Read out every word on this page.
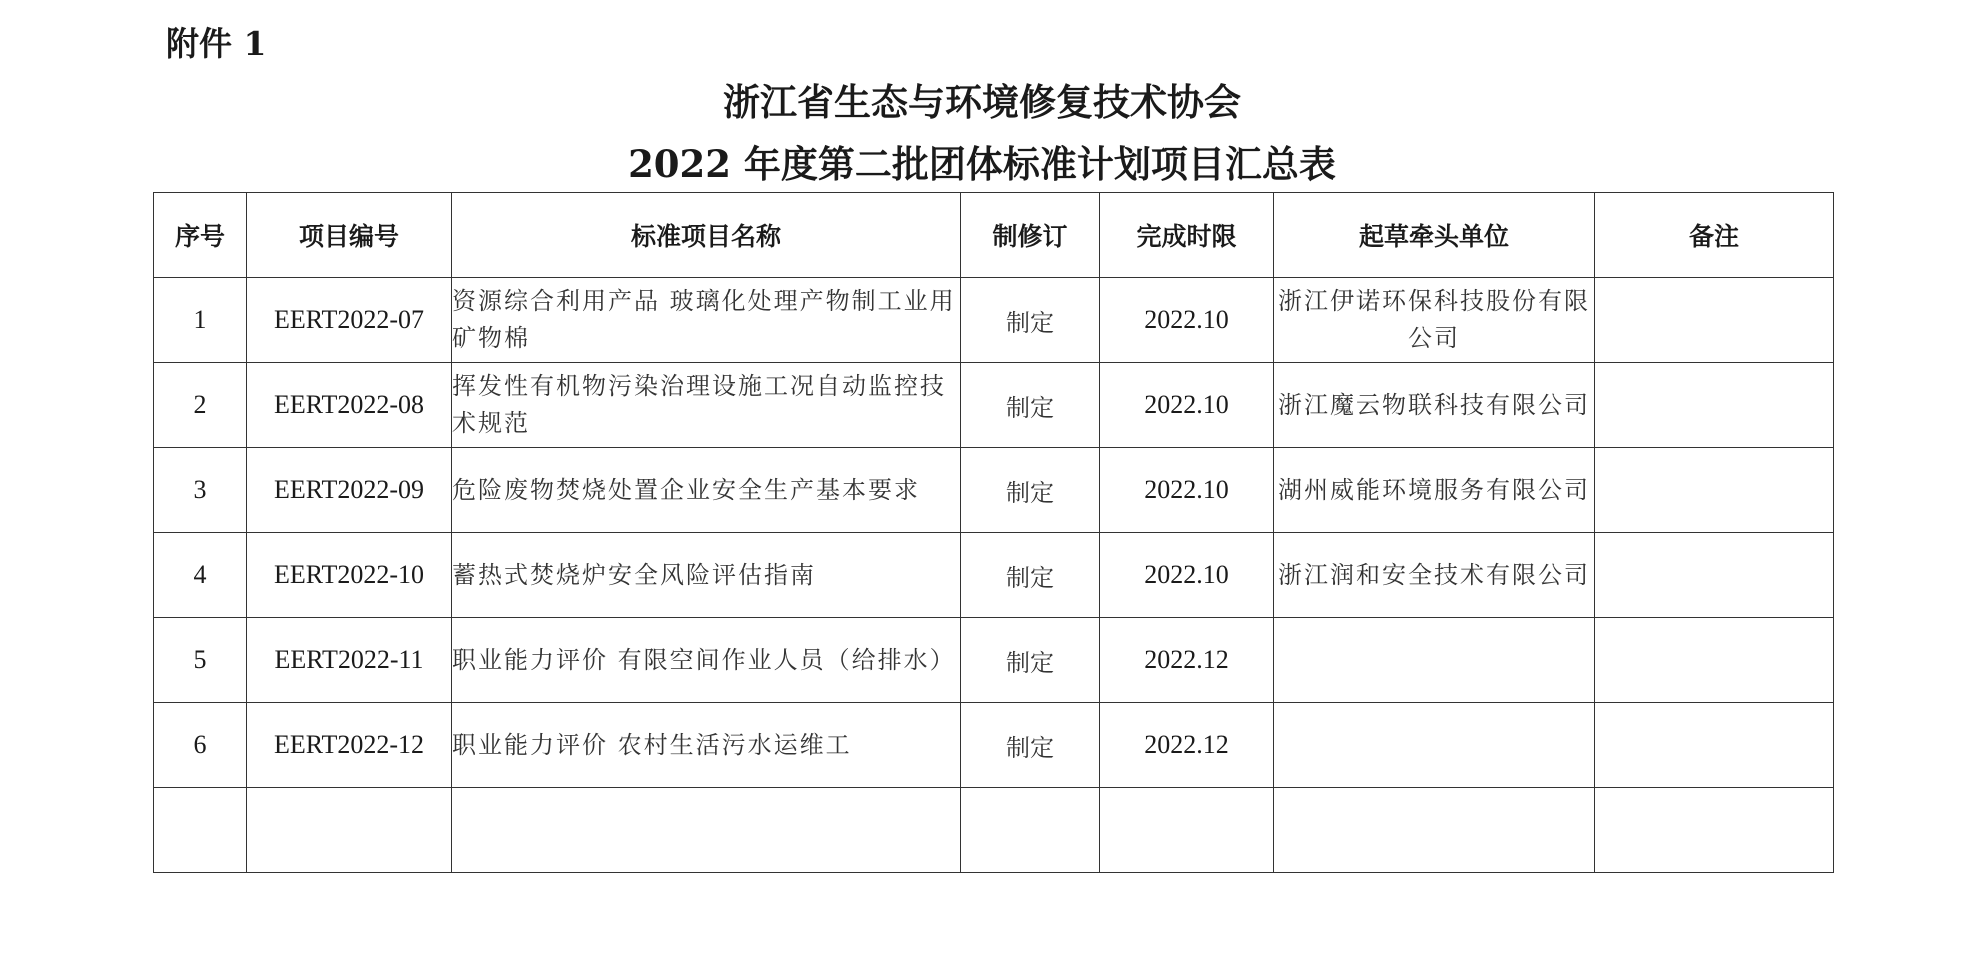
附件 1
浙江省生态与环境修复技术协会
2022 年度第二批团体标准计划项目汇总表
序号	项目编号	标准项目名称	制修订	完成时限	起草牵头单位	备注
1	EERT2022-07	资源综合利用产品 玻璃化处理产物制工业用矿物棉	制定	2022.10	浙江伊诺环保科技股份有限公司	

2	EERT2022-08	挥发性有机物污染治理设施工况自动监控技术规范	制定	2022.10	浙江魔云物联科技有限公司	

3	EERT2022-09	危险废物焚烧处置企业安全生产基本要求	制定	2022.10	湖州威能环境服务有限公司	

4	EERT2022-10	蓄热式焚烧炉安全风险评估指南	制定	2022.10	浙江润和安全技术有限公司	

5	EERT2022-11	职业能力评价 有限空间作业人员（给排水）	制定	2022.12	

6	EERT2022-12	职业能力评价 农村生活污水运维工	制定	2022.12	
